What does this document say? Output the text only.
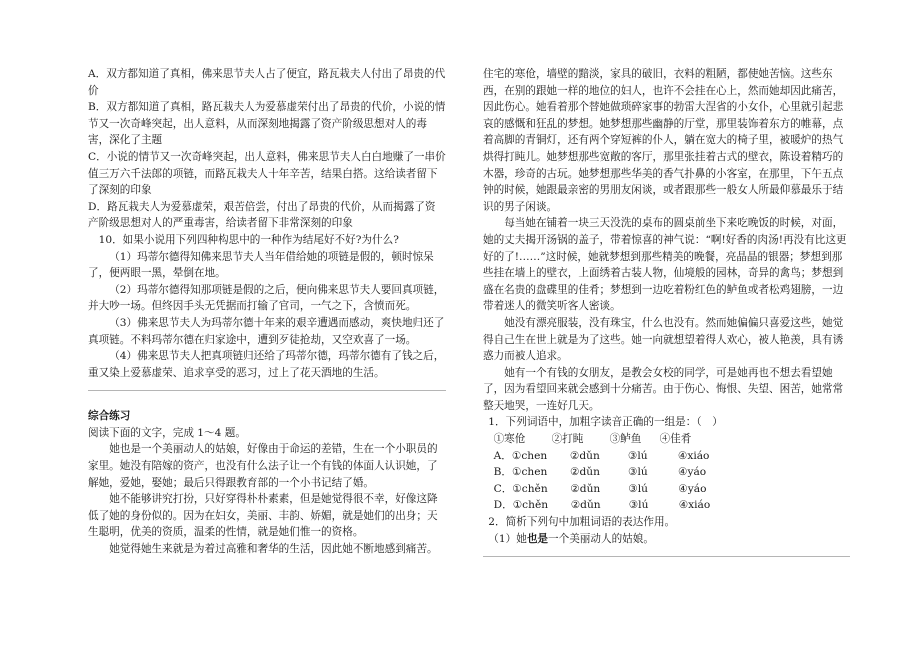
A．双方都知道了真相，佛来思节夫人占了便宜，路瓦栽夫人付出了昂贵的代价

B．双方都知道了真相，路瓦栽夫人为爱慕虚荣付出了昂贵的代价，小说的情节又一次奇峰突起，出人意料，从而深刻地揭露了资产阶级思想对人的毒害，深化了主题

C．小说的情节又一次奇峰突起，出人意料，佛来思节夫人白白地赚了一串价值三万六千法郎的项链，而路瓦栽夫人十年辛苦，结果白搭。这给读者留下了深刻的印象

D．路瓦栽夫人为爱慕虚荣，艰苦倍尝，付出了昂贵的代价，从而揭露了资产阶级思想对人的严重毒害，给读者留下非常深刻的印象

10．如果小说用下列四种构思中的一种作为结尾好不好?为什么?

（1）玛蒂尔德得知佛来思节夫人当年借给她的项链是假的，顿时惊呆了，便两眼一黑，晕倒在地。

（2）玛蒂尔德得知那项链是假的之后，便向佛来思节夫人要回真项链，并大吵一场。但终因手头无凭据而打输了官司，一气之下，含愤而死。

（3）佛来思节夫人为玛蒂尔德十年来的艰辛遭遇而感动，爽快地归还了真项链。不料玛蒂尔德在归家途中，遭到歹徒抢劫，又空欢喜了一场。

（4）佛来思节夫人把真项链归还给了玛蒂尔德，玛蒂尔德有了钱之后，重又染上爱慕虚荣、追求享受的恶习，过上了花天酒地的生活。

综合练习

阅读下面的文字，完成 1～4 题。

她也是一个美丽动人的姑娘，好像由于命运的差错，生在一个小职员的家里。她没有陪嫁的资产，也没有什么法子让一个有钱的体面人认识她，了解她，爱她，娶她；最后只得跟教育部的一个小书记结了婚。

她不能够讲究打扮，只好穿得朴朴素素，但是她觉得很不幸，好像这降低了她的身份似的。因为在妇女，美丽、丰韵、娇媚，就是她们的出身；天生聪明，优美的资质，温柔的性情，就是她们惟一的资格。

她觉得她生来就是为着过高雅和奢华的生活，因此她不断地感到痛苦。

住宅的寒伧，墙壁的黯淡，家具的破旧，衣料的粗陋，都使她苦恼。这些东西，在别的跟她一样的地位的妇人，也许不会挂在心上，然而她却因此痛苦，因此伤心。她看着那个替她做琐碎家事的勃雷大涅省的小女仆，心里就引起悲哀的感慨和狂乱的梦想。她梦想那些幽静的厅堂，那里装饰着东方的帷幕，点着高脚的青铜灯，还有两个穿短裤的仆人，躺在宽大的椅子里，被暖炉的热气烘得打盹儿。她梦想那些宽敞的客厅，那里张挂着古式的壁衣，陈设着精巧的木器，珍奇的古玩。她梦想那些华美的香气扑鼻的小客室，在那里，下午五点钟的时候，她跟最亲密的男朋友闲谈，或者跟那些一般女人所最仰慕最乐于结识的男子闲谈。

每当她在铺着一块三天没洗的桌布的圆桌前坐下来吃晚饭的时候，对面，她的丈夫揭开汤锅的盖子，带着惊喜的神气说：“啊!好香的肉汤!再没有比这更好的了!……”这时候，她就梦想到那些精美的晚餐，亮晶晶的银器；梦想到那些挂在墙上的壁衣，上面绣着古装人物，仙境般的园林，奇异的禽鸟；梦想到盛在名贵的盘碟里的佳肴；梦想到一边吃着粉红色的鲈鱼或者松鸡翅膀，一边带着迷人的微笑听客人密谈。

她没有漂亮服装，没有珠宝，什么也没有。然而她偏偏只喜爱这些，她觉得自己生在世上就是为了这些。她一向就想望着得人欢心，被人艳羡，具有诱惑力而被人追求。

她有一个有钱的女朋友，是教会女校的同学，可是她再也不想去看望她了，因为看望回来就会感到十分痛苦。由于伤心、悔恨、失望、困苦，她常常整天地哭，一连好几天。

1．下列词语中，加粗字读音正确的一组是：（　）

①寒伧	②打盹	③鲈鱼	④佳肴
A． ①chen	②dǔn	③lú	④xiáo
B． ①chen	②dǔn	③lú	④yáo
C． ①chěn	②dǔn	③lú	④yáo
D． ①chěn	②dǔn	③lú	④xiáo

2．简析下列句中加粗词语的表达作用。

（1）她也是一个美丽动人的姑娘。
